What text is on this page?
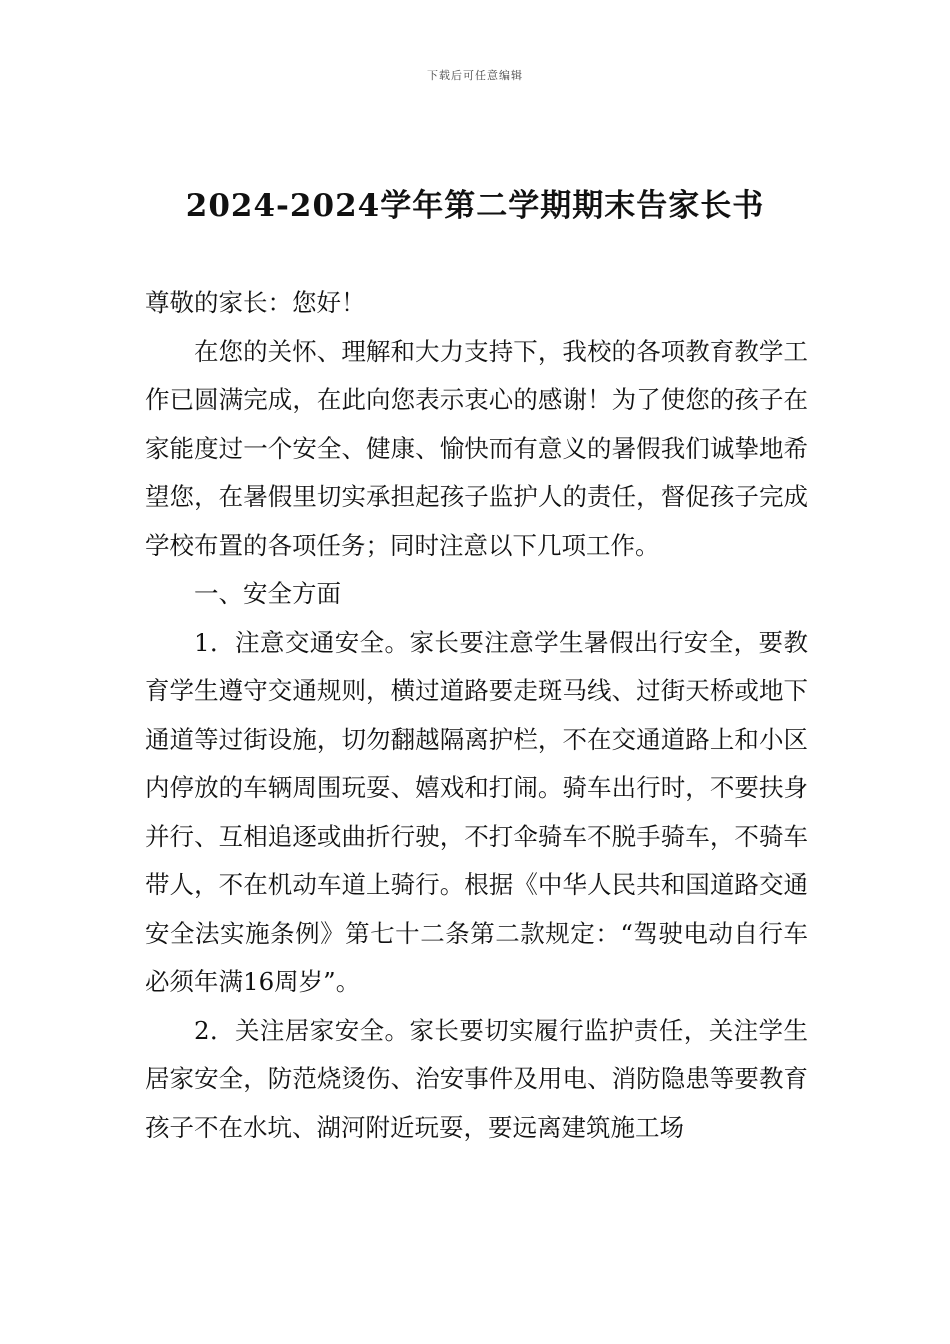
下载后可任意编辑
2024-2024学年第二学期期末告家长书

尊敬的家长：您好！

在您的关怀、理解和大力支持下，我校的各项教育教学工作已圆满完成，在此向您表示衷心的感谢！为了使您的孩子在家能度过一个安全、健康、愉快而有意义的暑假我们诚挚地希望您，在暑假里切实承担起孩子监护人的责任，督促孩子完成学校布置的各项任务；同时注意以下几项工作。

一、安全方面

1．注意交通安全。家长要注意学生暑假出行安全，要教育学生遵守交通规则，横过道路要走斑马线、过街天桥或地下通道等过街设施，切勿翻越隔离护栏，不在交通道路上和小区内停放的车辆周围玩耍、嬉戏和打闹。骑车出行时，不要扶身并行、互相追逐或曲折行驶，不打伞骑车不脱手骑车，不骑车带人，不在机动车道上骑行。根据《中华人民共和国道路交通安全法实施条例》第七十二条第二款规定：“驾驶电动自行车必须年满16周岁”。

2．关注居家安全。家长要切实履行监护责任，关注学生居家安全，防范烧烫伤、治安事件及用电、消防隐患等要教育孩子不在水坑、湖河附近玩耍，要远离建筑施工场
